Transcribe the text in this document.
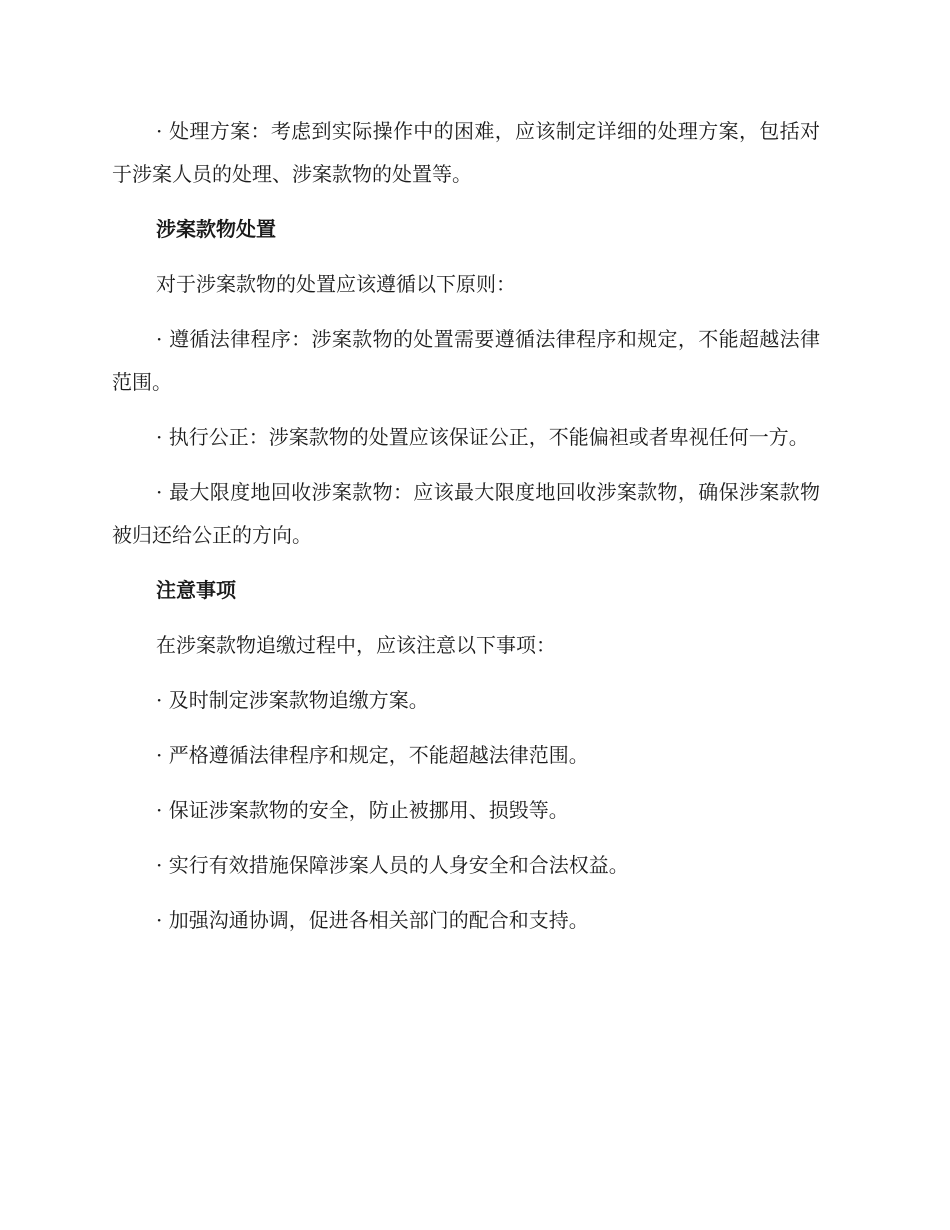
· 处理方案：考虑到实际操作中的困难，应该制定详细的处理方案，包括对于涉案人员的处理、涉案款物的处置等。

涉案款物处置

对于涉案款物的处置应该遵循以下原则：

· 遵循法律程序：涉案款物的处置需要遵循法律程序和规定，不能超越法律范围。

· 执行公正：涉案款物的处置应该保证公正，不能偏袒或者卑视任何一方。

· 最大限度地回收涉案款物：应该最大限度地回收涉案款物，确保涉案款物被归还给公正的方向。

注意事项

在涉案款物追缴过程中，应该注意以下事项：

· 及时制定涉案款物追缴方案。

· 严格遵循法律程序和规定，不能超越法律范围。

· 保证涉案款物的安全，防止被挪用、损毁等。

· 实行有效措施保障涉案人员的人身安全和合法权益。

· 加强沟通协调，促进各相关部门的配合和支持。
